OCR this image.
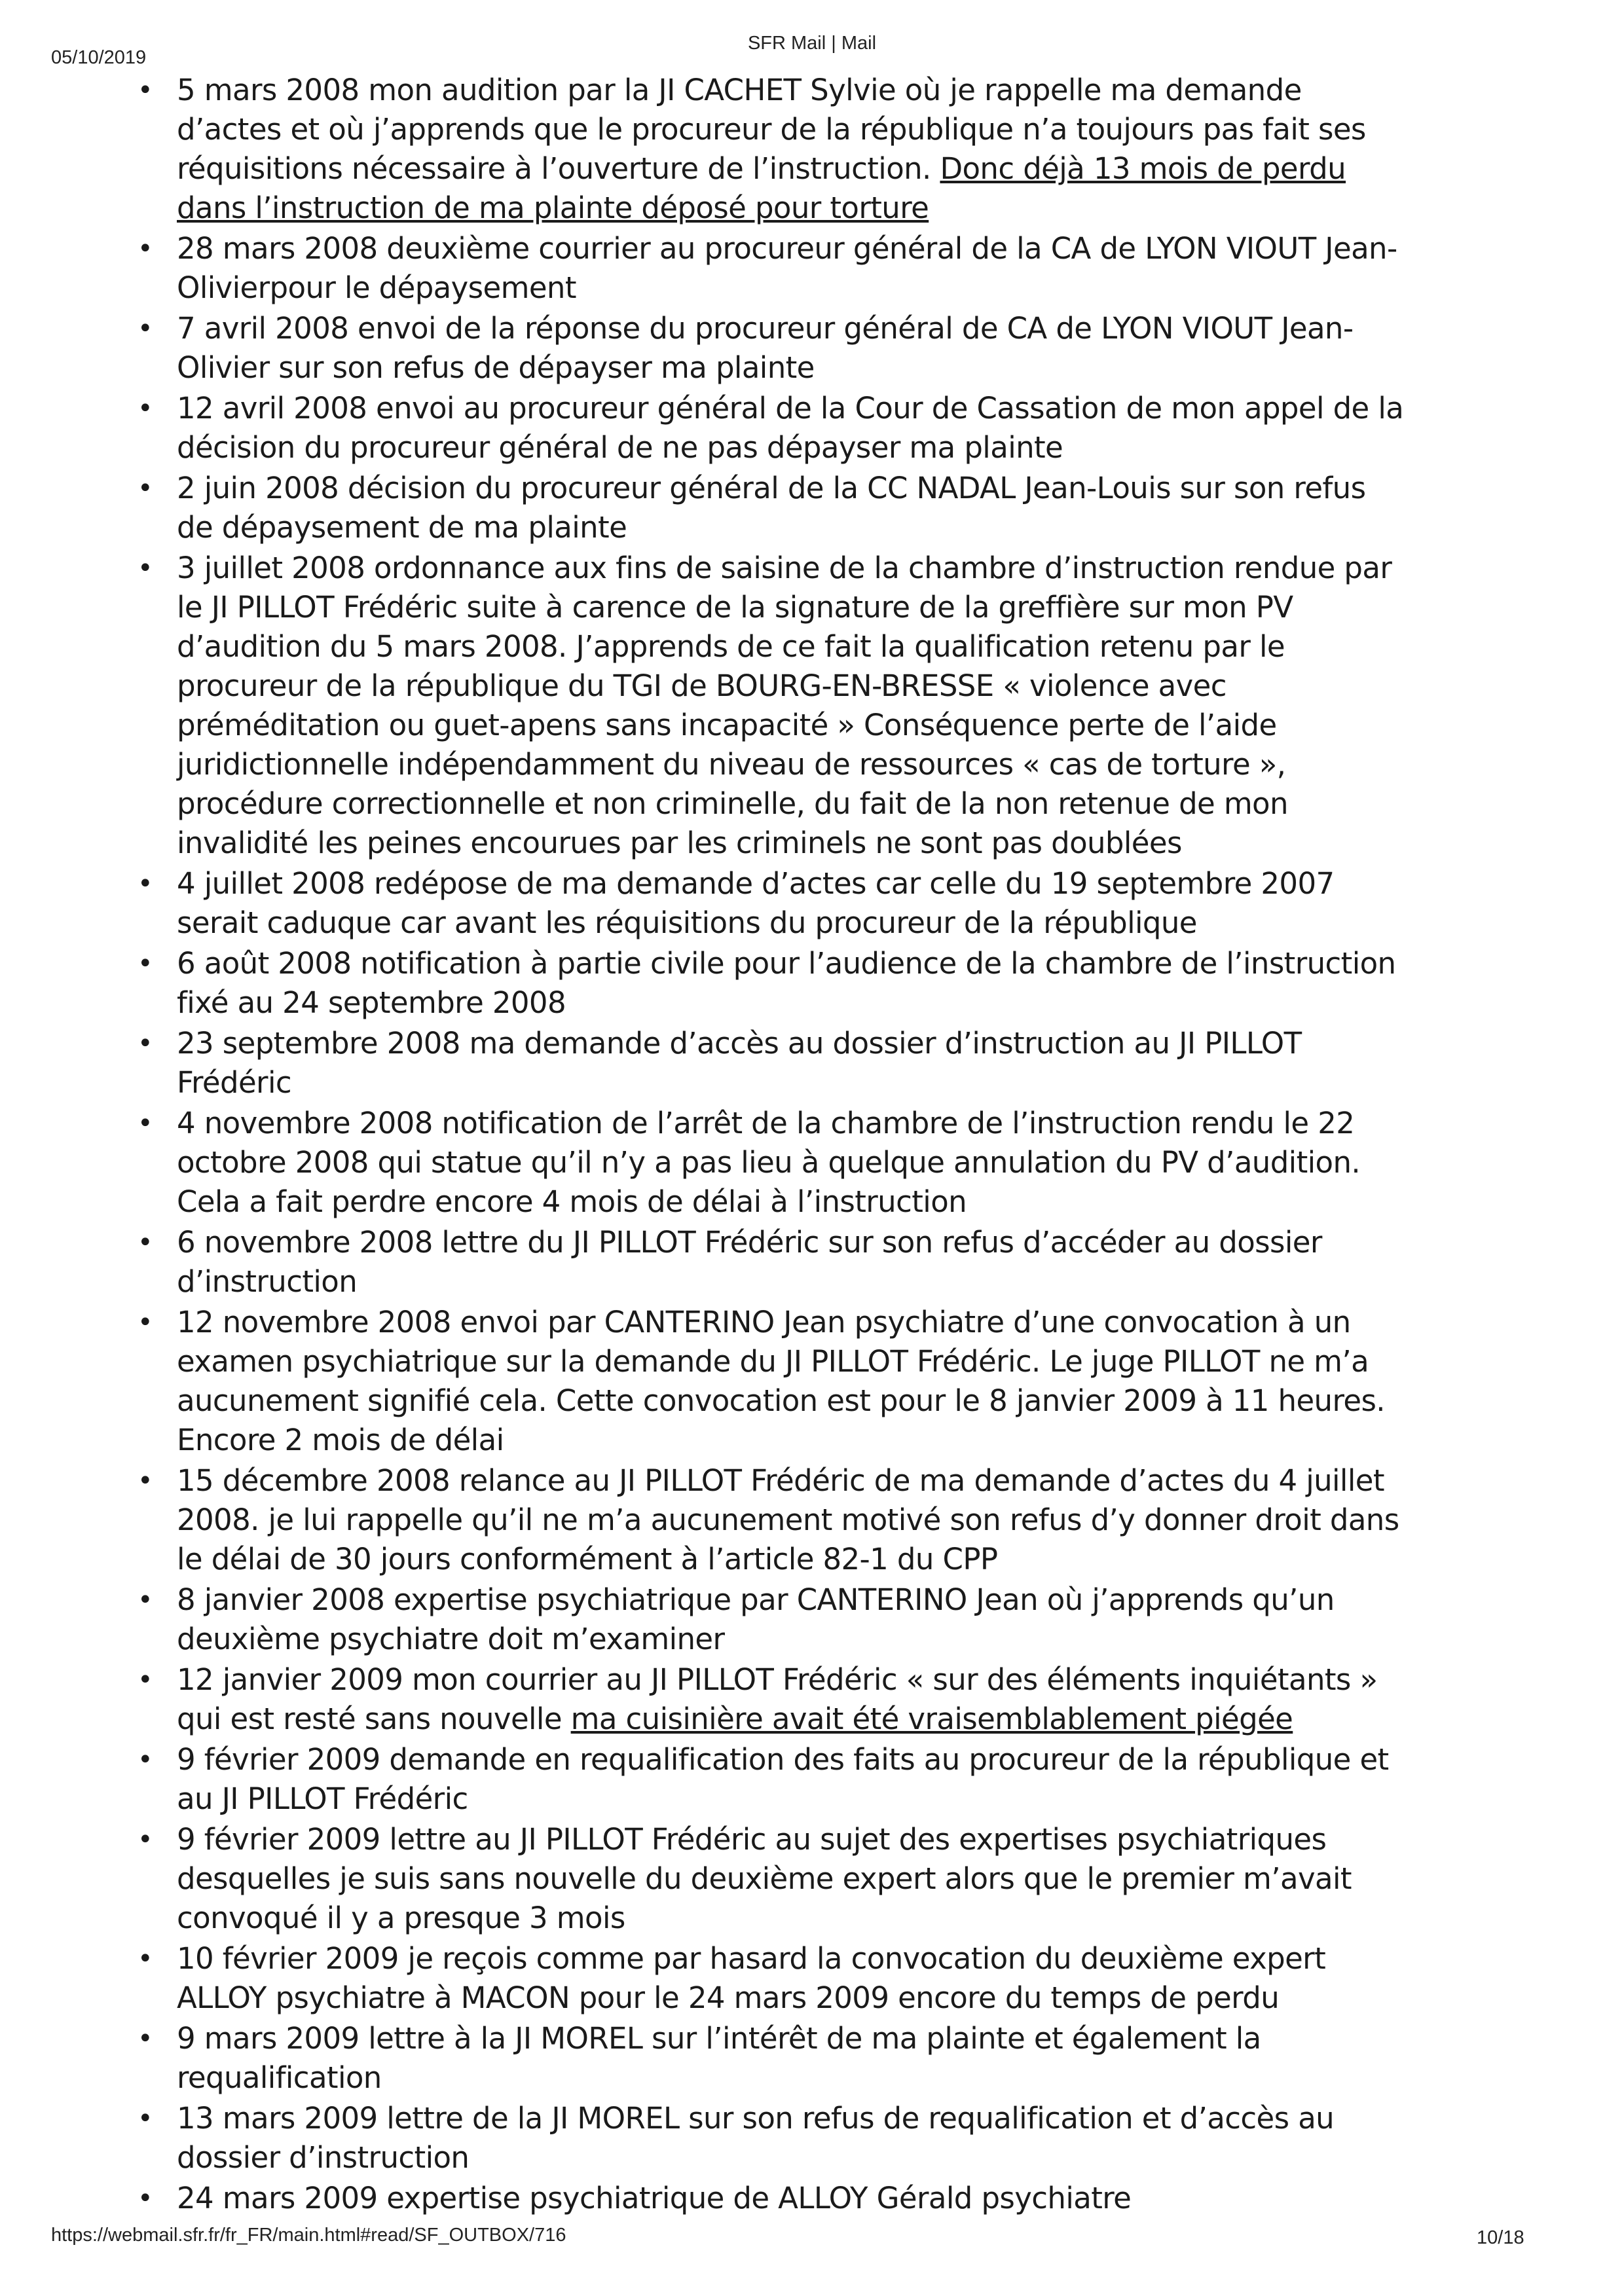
05/10/2019
SFR Mail | Mail
• 5 mars 2008 mon audition par la JI CACHET Sylvie où je rappelle ma demande d’actes et où j’apprends que le procureur de la république n’a toujours pas fait ses réquisitions nécessaire à l’ouverture de l’instruction. Donc déjà 13 mois de perdu dans l’instruction de ma plainte déposé pour torture
• 28 mars 2008 deuxième courrier au procureur général de la CA de LYON VIOUT Jean-Olivierpour le dépaysement
• 7 avril 2008 envoi de la réponse du procureur général de CA de LYON VIOUT Jean-Olivier sur son refus de dépayser ma plainte
• 12 avril 2008 envoi au procureur général de la Cour de Cassation de mon appel de la décision du procureur général de ne pas dépayser ma plainte
• 2 juin 2008 décision du procureur général de la CC NADAL Jean-Louis sur son refus de dépaysement de ma plainte
• 3 juillet 2008 ordonnance aux fins de saisine de la chambre d’instruction rendue par le JI PILLOT Frédéric suite à carence de la signature de la greffière sur mon PV d’audition du 5 mars 2008. J’apprends de ce fait la qualification retenu par le procureur de la république du TGI de BOURG-EN-BRESSE « violence avec préméditation ou guet-apens sans incapacité » Conséquence perte de l’aide juridictionnelle indépendamment du niveau de ressources « cas de torture », procédure correctionnelle et non criminelle, du fait de la non retenue de mon invalidité les peines encourues par les criminels ne sont pas doublées
• 4 juillet 2008 redépose de ma demande d’actes car celle du 19 septembre 2007 serait caduque car avant les réquisitions du procureur de la république
• 6 août 2008 notification à partie civile pour l’audience de la chambre de l’instruction fixé au 24 septembre 2008
• 23 septembre 2008 ma demande d’accès au dossier d’instruction au JI PILLOT Frédéric
• 4 novembre 2008 notification de l’arrêt de la chambre de l’instruction rendu le 22 octobre 2008 qui statue qu’il n’y a pas lieu à quelque annulation du PV d’audition. Cela a fait perdre encore 4 mois de délai à l’instruction
• 6 novembre 2008 lettre du JI PILLOT Frédéric sur son refus d’accéder au dossier d’instruction
• 12 novembre 2008 envoi par CANTERINO Jean psychiatre d’une convocation à un examen psychiatrique sur la demande du JI PILLOT Frédéric. Le juge PILLOT ne m’a aucunement signifié cela. Cette convocation est pour le 8 janvier 2009 à 11 heures. Encore 2 mois de délai
• 15 décembre 2008 relance au JI PILLOT Frédéric de ma demande d’actes du 4 juillet 2008. je lui rappelle qu’il ne m’a aucunement motivé son refus d’y donner droit dans le délai de 30 jours conformément à l’article 82-1 du CPP
• 8 janvier 2008 expertise psychiatrique par CANTERINO Jean où j’apprends qu’un deuxième psychiatre doit m’examiner
• 12 janvier 2009 mon courrier au JI PILLOT Frédéric « sur des éléments inquiétants » qui est resté sans nouvelle ma cuisinière avait été vraisemblablement piégée
• 9 février 2009 demande en requalification des faits au procureur de la république et au JI PILLOT Frédéric
• 9 février 2009 lettre au JI PILLOT Frédéric au sujet des expertises psychiatriques desquelles je suis sans nouvelle du deuxième expert alors que le premier m’avait convoqué il y a presque 3 mois
• 10 février 2009 je reçois comme par hasard la convocation du deuxième expert ALLOY psychiatre à MACON pour le 24 mars 2009 encore du temps de perdu
• 9 mars 2009 lettre à la JI MOREL sur l’intérêt de ma plainte et également la requalification
• 13 mars 2009 lettre de la JI MOREL sur son refus de requalification et d’accès au dossier d’instruction
• 24 mars 2009 expertise psychiatrique de ALLOY Gérald psychiatre
https://webmail.sfr.fr/fr_FR/main.html#read/SF_OUTBOX/716	10/18
